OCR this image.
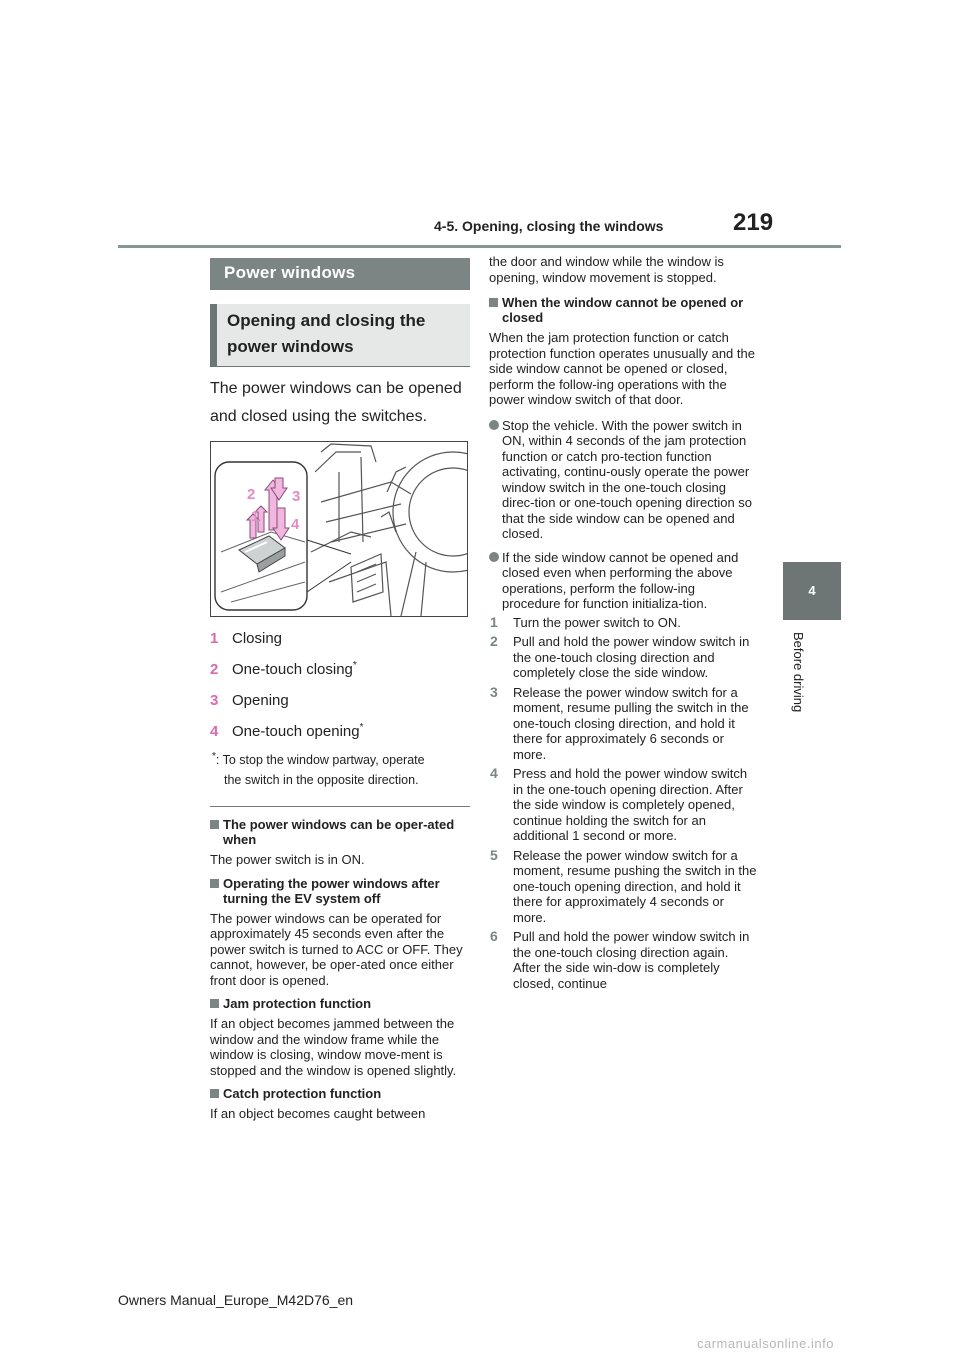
4-5. Opening, closing the windows	219
4
Before driving
Power windows
Opening and closing the
power windows
The power windows can be opened
and closed using the switches.
2
1
3
4
1 Closing
2 One-touch closing*
3 Opening
4 One-touch opening*
*: To stop the window partway, operate
the switch in the opposite direction.
The power windows can be oper-ated when
The power switch is in ON.
Operating the power windows after turning the EV system off
The power windows can be operated for approximately 45 seconds even after the power switch is turned to ACC or OFF. They cannot, however, be oper-ated once either front door is opened.
Jam protection function
If an object becomes jammed between the window and the window frame while the window is closing, window move-ment is stopped and the window is opened slightly.
Catch protection function
If an object becomes caught between
the door and window while the window is opening, window movement is stopped.
When the window cannot be opened or closed
When the jam protection function or catch protection function operates unusually and the side window cannot be opened or closed, perform the follow-ing operations with the power window switch of that door.
Stop the vehicle. With the power switch in ON, within 4 seconds of the jam protection function or catch pro-tection function activating, continu-ously operate the power window switch in the one-touch closing direc-tion or one-touch opening direction so that the side window can be opened and closed.
If the side window cannot be opened and closed even when performing the above operations, perform the follow-ing procedure for function initializa-tion.
1 Turn the power switch to ON.
2 Pull and hold the power window switch in the one-touch closing direction and completely close the side window.
3 Release the power window switch for a moment, resume pulling the switch in the one-touch closing direction, and hold it there for approximately 6 seconds or more.
4 Press and hold the power window switch in the one-touch opening direction. After the side window is completely opened, continue holding the switch for an additional 1 second or more.
5 Release the power window switch for a moment, resume pushing the switch in the one-touch opening direction, and hold it there for approximately 4 seconds or more.
6 Pull and hold the power window switch in the one-touch closing direction again. After the side win-dow is completely closed, continue
Owners Manual_Europe_M42D76_en
carmanualsonline.info
